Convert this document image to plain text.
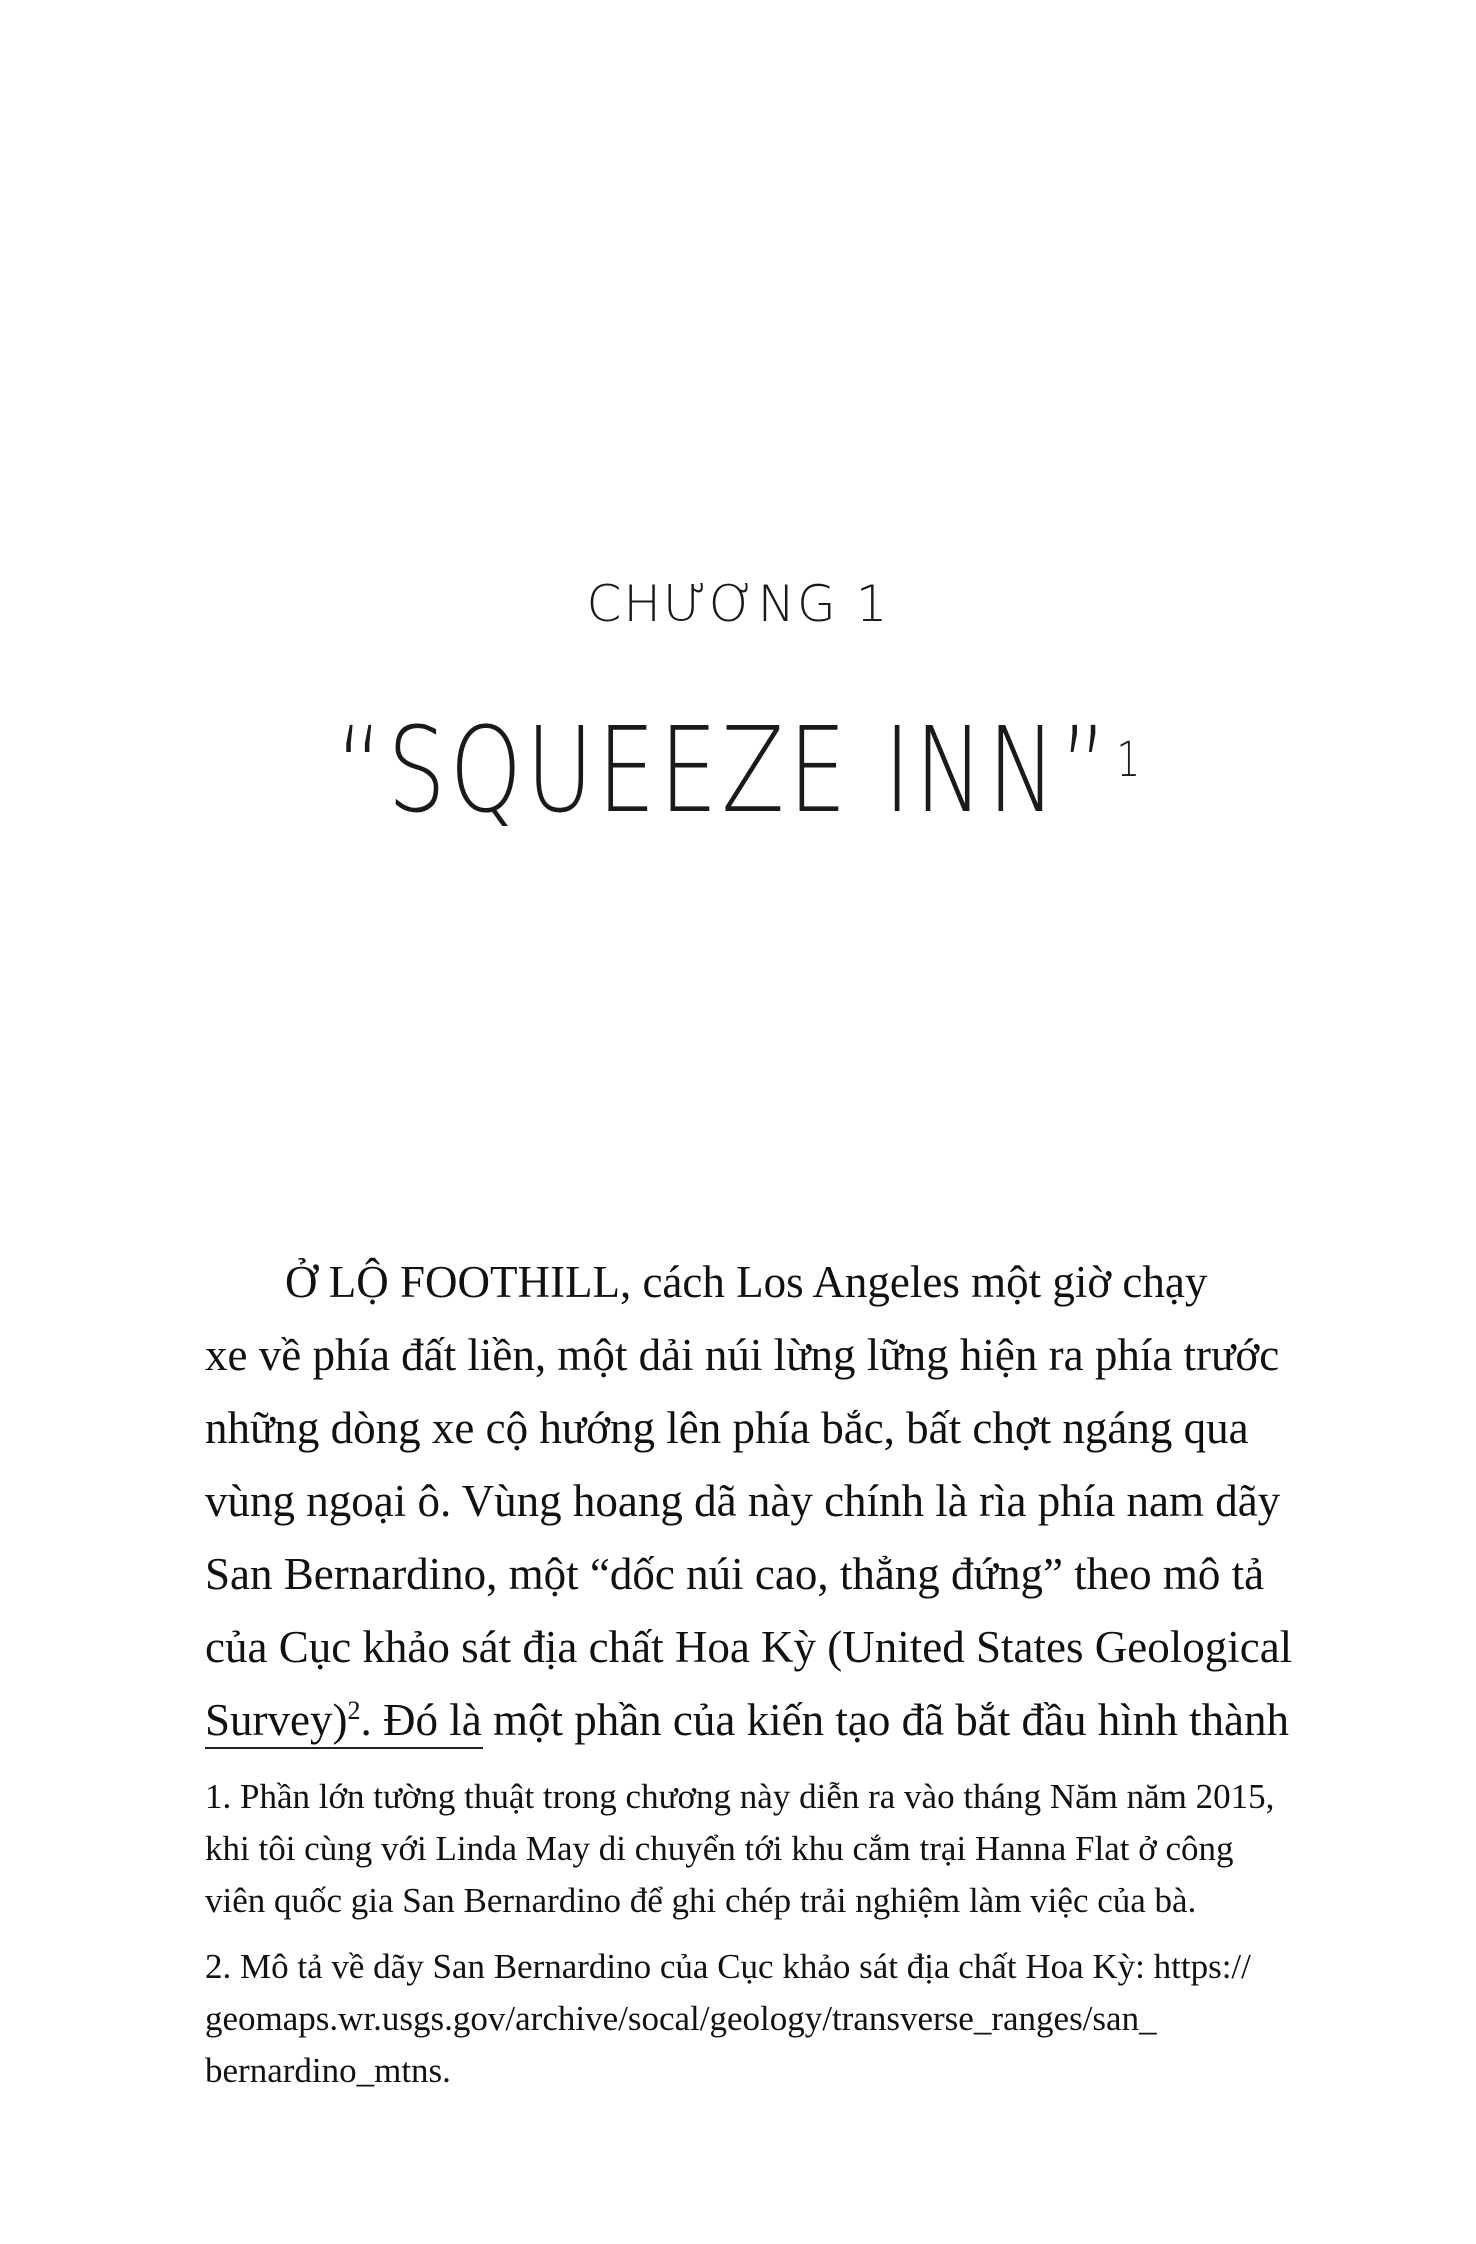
CHƯƠNG 1
“SQUEEZE INN”$^1$
Ở LỘ FOOTHILL, cách Los Angeles một giờ chạy
xe về phía đất liền, một dải núi lừng lững hiện ra phía trước
những dòng xe cộ hướng lên phía bắc, bất chợt ngáng qua
vùng ngoại ô. Vùng hoang dã này chính là rìa phía nam dãy
San Bernardino, một “dốc núi cao, thẳng đứng” theo mô tả
của Cục khảo sát địa chất Hoa Kỳ (United States Geological
Survey)$^2$. Đó là một phần của kiến tạo đã bắt đầu hình thành
1. Phần lớn tường thuật trong chương này diễn ra vào tháng Năm năm 2015,
khi tôi cùng với Linda May di chuyển tới khu cắm trại Hanna Flat ở công
viên quốc gia San Bernardino để ghi chép trải nghiệm làm việc của bà.
2. Mô tả về dãy San Bernardino của Cục khảo sát địa chất Hoa Kỳ: https://
geomaps.wr.usgs.gov/archive/socal/geology/transverse_ranges/san_
bernardino_mtns.
